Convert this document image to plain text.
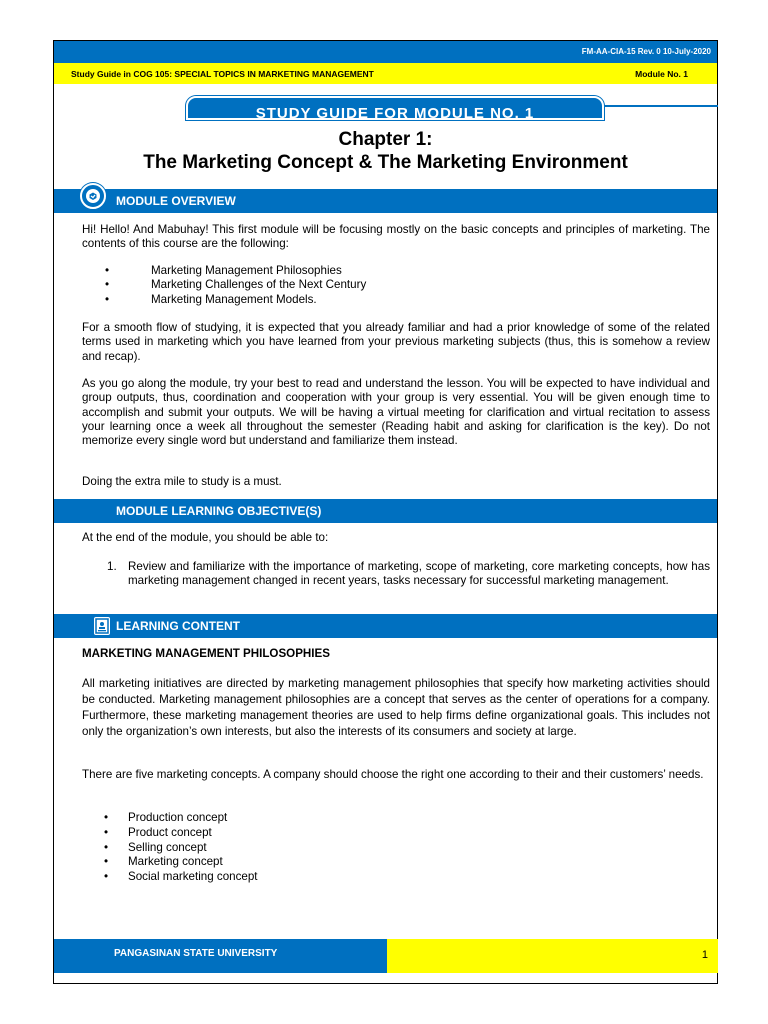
FM-AA-CIA-15 Rev. 0 10-July-2020
Study Guide in COG 105: SPECIAL TOPICS IN MARKETING MANAGEMENT	Module No. 1
STUDY GUIDE FOR MODULE NO. 1
Chapter 1:
The Marketing Concept & The Marketing Environment
MODULE OVERVIEW
Hi! Hello! And Mabuhay! This first module will be focusing mostly on the basic concepts and principles of marketing. The contents of this course are the following:
•	Marketing Management Philosophies
•	Marketing Challenges of the Next Century
•	Marketing Management Models.
For a smooth flow of studying, it is expected that you already familiar and had a prior knowledge of some of the related terms used in marketing which you have learned from your previous marketing subjects (thus, this is somehow a review and recap).
As you go along the module, try your best to read and understand the lesson. You will be expected to have individual and group outputs, thus, coordination and cooperation with your group is very essential. You will be given enough time to accomplish and submit your outputs. We will be having a virtual meeting for clarification and virtual recitation to assess your learning once a week all throughout the semester (Reading habit and asking for clarification is the key). Do not memorize every single word but understand and familiarize them instead.
Doing the extra mile to study is a must.
MODULE LEARNING OBJECTIVE(S)
At the end of the module, you should be able to:
1. Review and familiarize with the importance of marketing, scope of marketing, core marketing concepts, how has marketing management changed in recent years, tasks necessary for successful marketing management.
LEARNING CONTENT
MARKETING MANAGEMENT PHILOSOPHIES
All marketing initiatives are directed by marketing management philosophies that specify how marketing activities should be conducted. Marketing management philosophies are a concept that serves as the center of operations for a company. Furthermore, these marketing management theories are used to help firms define organizational goals. This includes not only the organization’s own interests, but also the interests of its consumers and society at large.
There are five marketing concepts. A company should choose the right one according to their and their customers’ needs.
• Production concept
• Product concept
• Selling concept
• Marketing concept
• Social marketing concept
PANGASINAN STATE UNIVERSITY	1
